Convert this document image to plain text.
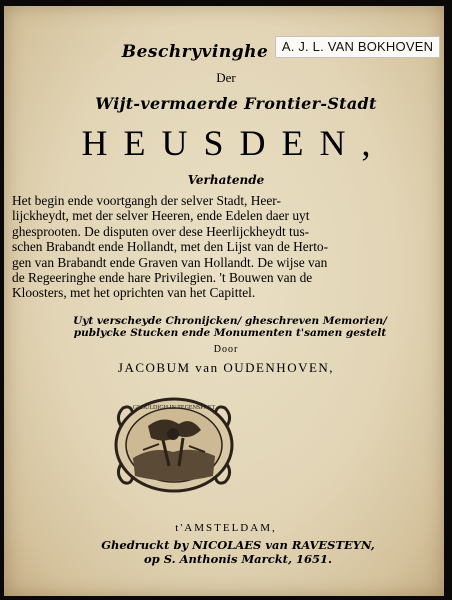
A. J. L. VAN BOKHOVEN
Beschryvinghe
Der
Wijt-vermaerde Frontier-Stadt
HEUSDEN,
Verhatende
Het begin ende voortgangh der selver Stadt, Heer-
lijckheydt, met der selver Heeren, ende Edelen daer uyt
ghesprooten. De disputen over dese Heerlijckheydt tus-
schen Brabandt ende Hollandt, met den Lijst van de Herto-
gen van Brabandt ende Graven van Hollandt. De wijse van
de Regeeringhe ende hare Privilegien. 't Bouwen van de
Kloosters, met het oprichten van het Capittel.
Uyt verscheyde Chronijcken/ gheschreven Memorien/
publycke Stucken ende Monumenten t'samen gestelt
Door
JACOBUM van OUDENHOVEN,
GEDULDIGH IN TEGENSPOET
t'AMSTELDAM,
Ghedruckt by NICOLAES van RAVESTEYN,
op S. Anthonis Marckt, 1651.
